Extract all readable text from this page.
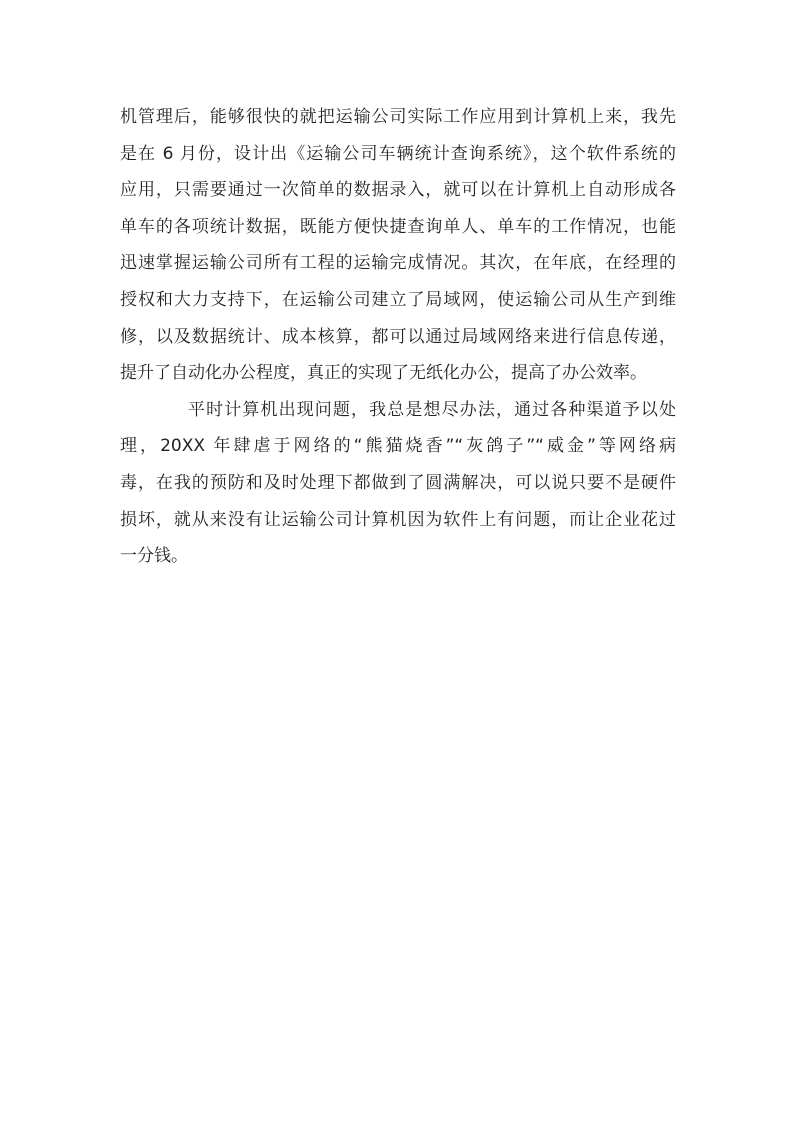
机管理后，能够很快的就把运输公司实际工作应用到计算机上来，我先
是在 6 月份，设计出《运输公司车辆统计查询系统》，这个软件系统的
应用，只需要通过一次简单的数据录入，就可以在计算机上自动形成各
单车的各项统计数据，既能方便快捷查询单人、单车的工作情况，也能
迅速掌握运输公司所有工程的运输完成情况。其次，在年底，在经理的
授权和大力支持下，在运输公司建立了局域网，使运输公司从生产到维
修，以及数据统计、成本核算，都可以通过局域网络来进行信息传递，
提升了自动化办公程度，真正的实现了无纸化办公，提高了办公效率。
平时计算机出现问题，我总是想尽办法，通过各种渠道予以处
理，20XX 年肆虐于网络的“熊猫烧香”“灰鸽子”“威金”等网络病
毒，在我的预防和及时处理下都做到了圆满解决，可以说只要不是硬件
损坏，就从来没有让运输公司计算机因为软件上有问题，而让企业花过
一分钱。
